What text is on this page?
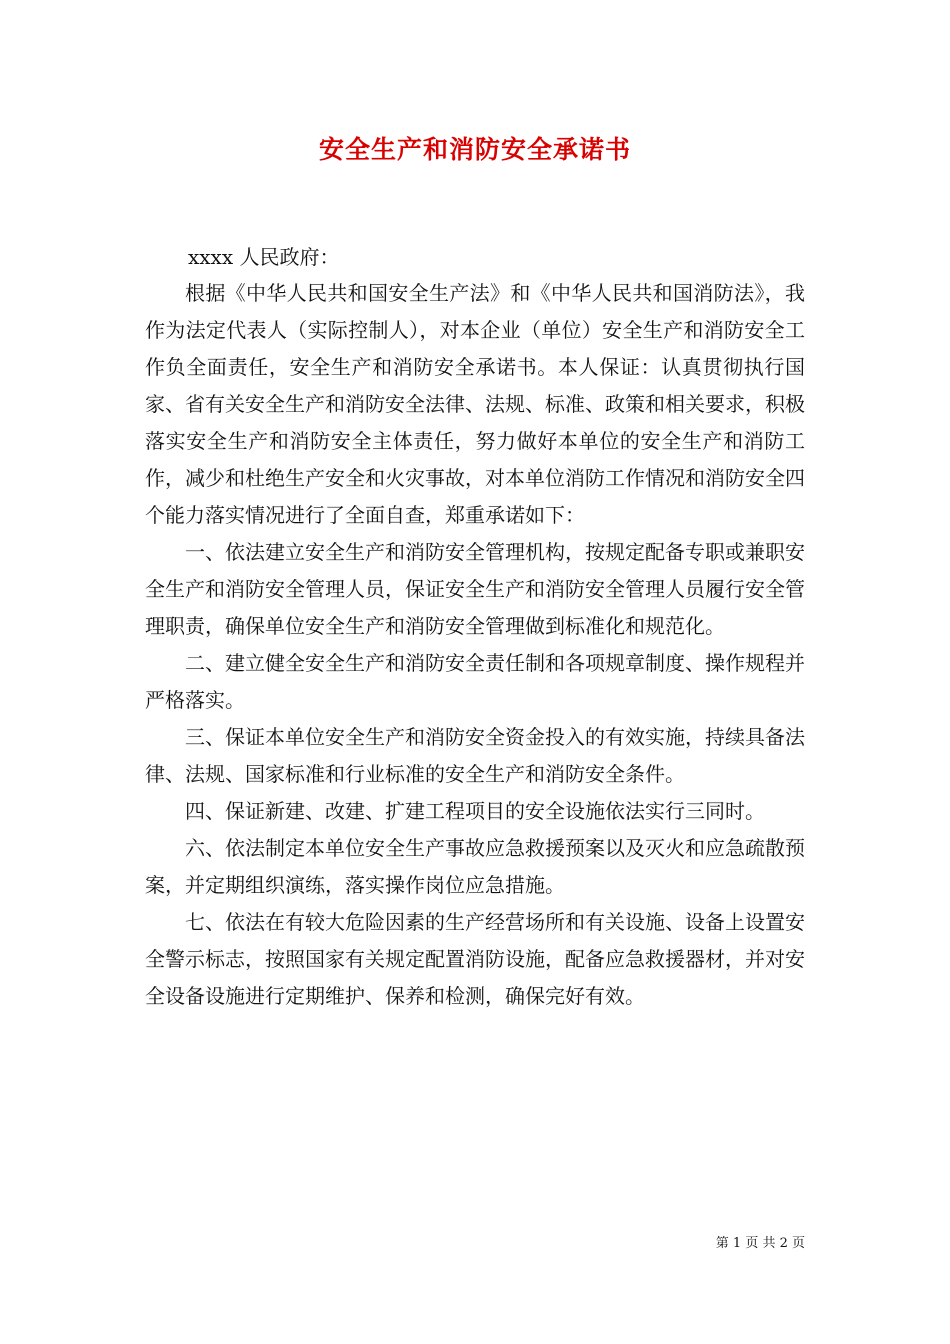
安全生产和消防安全承诺书
xxxx 人民政府：

根据《中华人民共和国安全生产法》和《中华人民共和国消防法》，我作为法定代表人（实际控制人），对本企业（单位）安全生产和消防安全工作负全面责任，安全生产和消防安全承诺书。本人保证：认真贯彻执行国家、省有关安全生产和消防安全法律、法规、标准、政策和相关要求，积极落实安全生产和消防安全主体责任，努力做好本单位的安全生产和消防工作，减少和杜绝生产安全和火灾事故，对本单位消防工作情况和消防安全四个能力落实情况进行了全面自查，郑重承诺如下：

一、依法建立安全生产和消防安全管理机构，按规定配备专职或兼职安全生产和消防安全管理人员，保证安全生产和消防安全管理人员履行安全管理职责，确保单位安全生产和消防安全管理做到标准化和规范化。

二、建立健全安全生产和消防安全责任制和各项规章制度、操作规程并严格落实。

三、保证本单位安全生产和消防安全资金投入的有效实施，持续具备法律、法规、国家标准和行业标准的安全生产和消防安全条件。

四、保证新建、改建、扩建工程项目的安全设施依法实行三同时。

六、依法制定本单位安全生产事故应急救援预案以及灭火和应急疏散预案，并定期组织演练，落实操作岗位应急措施。

七、依法在有较大危险因素的生产经营场所和有关设施、设备上设置安全警示标志，按照国家有关规定配置消防设施，配备应急救援器材，并对安全设备设施进行定期维护、保养和检测，确保完好有效。

第 1 页 共 2 页
